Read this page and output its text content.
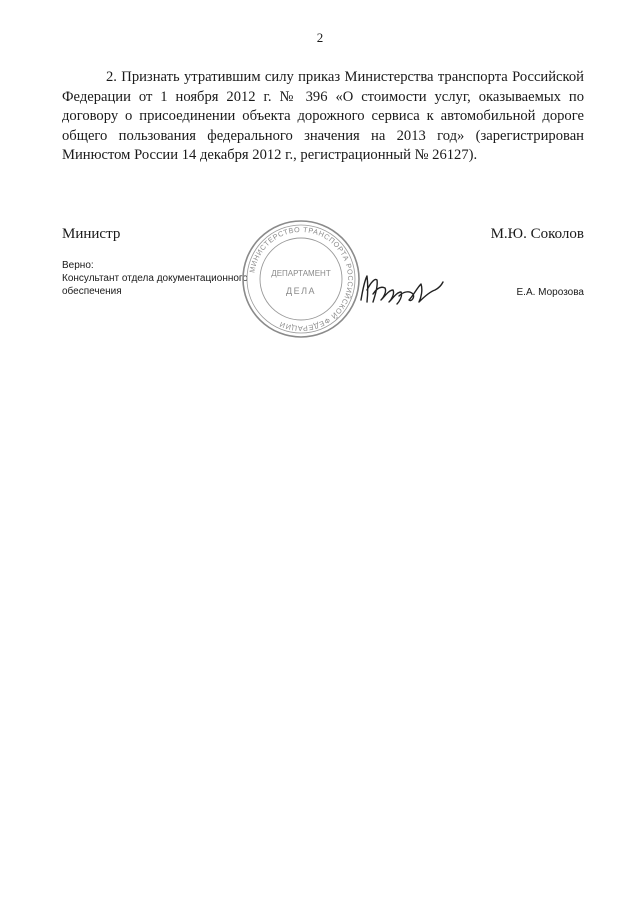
2

2. Признать утратившим силу приказ Министерства транспорта Российской Федерации от 1 ноября 2012 г. № 396 «О стоимости услуг, оказываемых по договору о присоединении объекта дорожного сервиса к автомобильной дороге общего пользования федерального значения на 2013 год» (зарегистрирован Минюстом России 14 декабря 2012 г., регистрационный № 26127).

Министр	М.Ю. Соколов
Верно:
Консультант отдела документационного
обеспечения	Е.А. Морозова
МИНИСТЕРСТВО ТРАНСПОРТА РОССИЙСКОЙ ФЕДЕРАЦИИ
ДЕПАРТАМЕНТ
ДЕЛА
